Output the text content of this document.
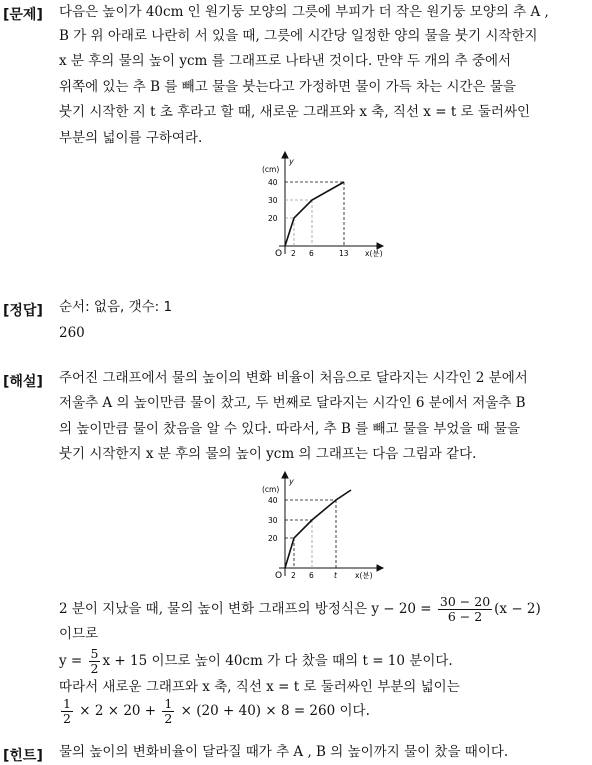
[문제] 다음은 높이가 40cm 인 원기둥 모양의 그릇에 부피가 더 작은 원기둥 모양의 추 A ,
B 가 위 아래로 나란히 서 있을 때, 그릇에 시간당 일정한 양의 물을 붓기 시작한지
x 분 후의 물의 높이 ycm 를 그래프로 나타낸 것이다. 만약 두 개의 추 중에서
위쪽에 있는 추 B 를 빼고 물을 붓는다고 가정하면 물이 가득 차는 시간은 물을
붓기 시작한 지 t 초 후라고 할 때, 새로운 그래프와 x 축, 직선 x = t 로 둘러싸인
부분의 넓이를 구하여라.
y
(cm)
40
30
20
O 2 6	13 x(분)
[정답] 순서: 없음, 갯수: 1
260
[해설] 주어진 그래프에서 물의 높이의 변화 비율이 처음으로 달라지는 시각인 2 분에서
저울추 A 의 높이만큼 물이 찼고, 두 번째로 달라지는 시각인 6 분에서 저울추 B
의 높이만큼 물이 찼음을 알 수 있다. 따라서, 추 B 를 빼고 물을 부었을 때 물을
붓기 시작한지 x 분 후의 물의 높이 ycm 의 그래프는 다음 그림과 같다.
y
(cm)
40
30
20
O 2 6	t x(분)
2 분이 지났을 때, 물의 높이 변화 그래프의 방정식은 $y - 20 = \frac{30 - 20}{6 - 2} (x - 2)$
이므로
$y = \frac{5}{2}$ x + 15 이므로 높이 40cm 가 다 찼을 때의 t = 10 분이다.
따라서 새로운 그래프와 x 축, 직선 x = t 로 둘러싸인 부분의 넓이는
$\frac{1}{2} \times 2 \times 20 + \frac{1}{2} \times (20 + 40) \times 8 = 260$ 이다.
[힌트] 물의 높이의 변화비율이 달라질 때가 추 A , B 의 높이까지 물이 찼을 때이다.
